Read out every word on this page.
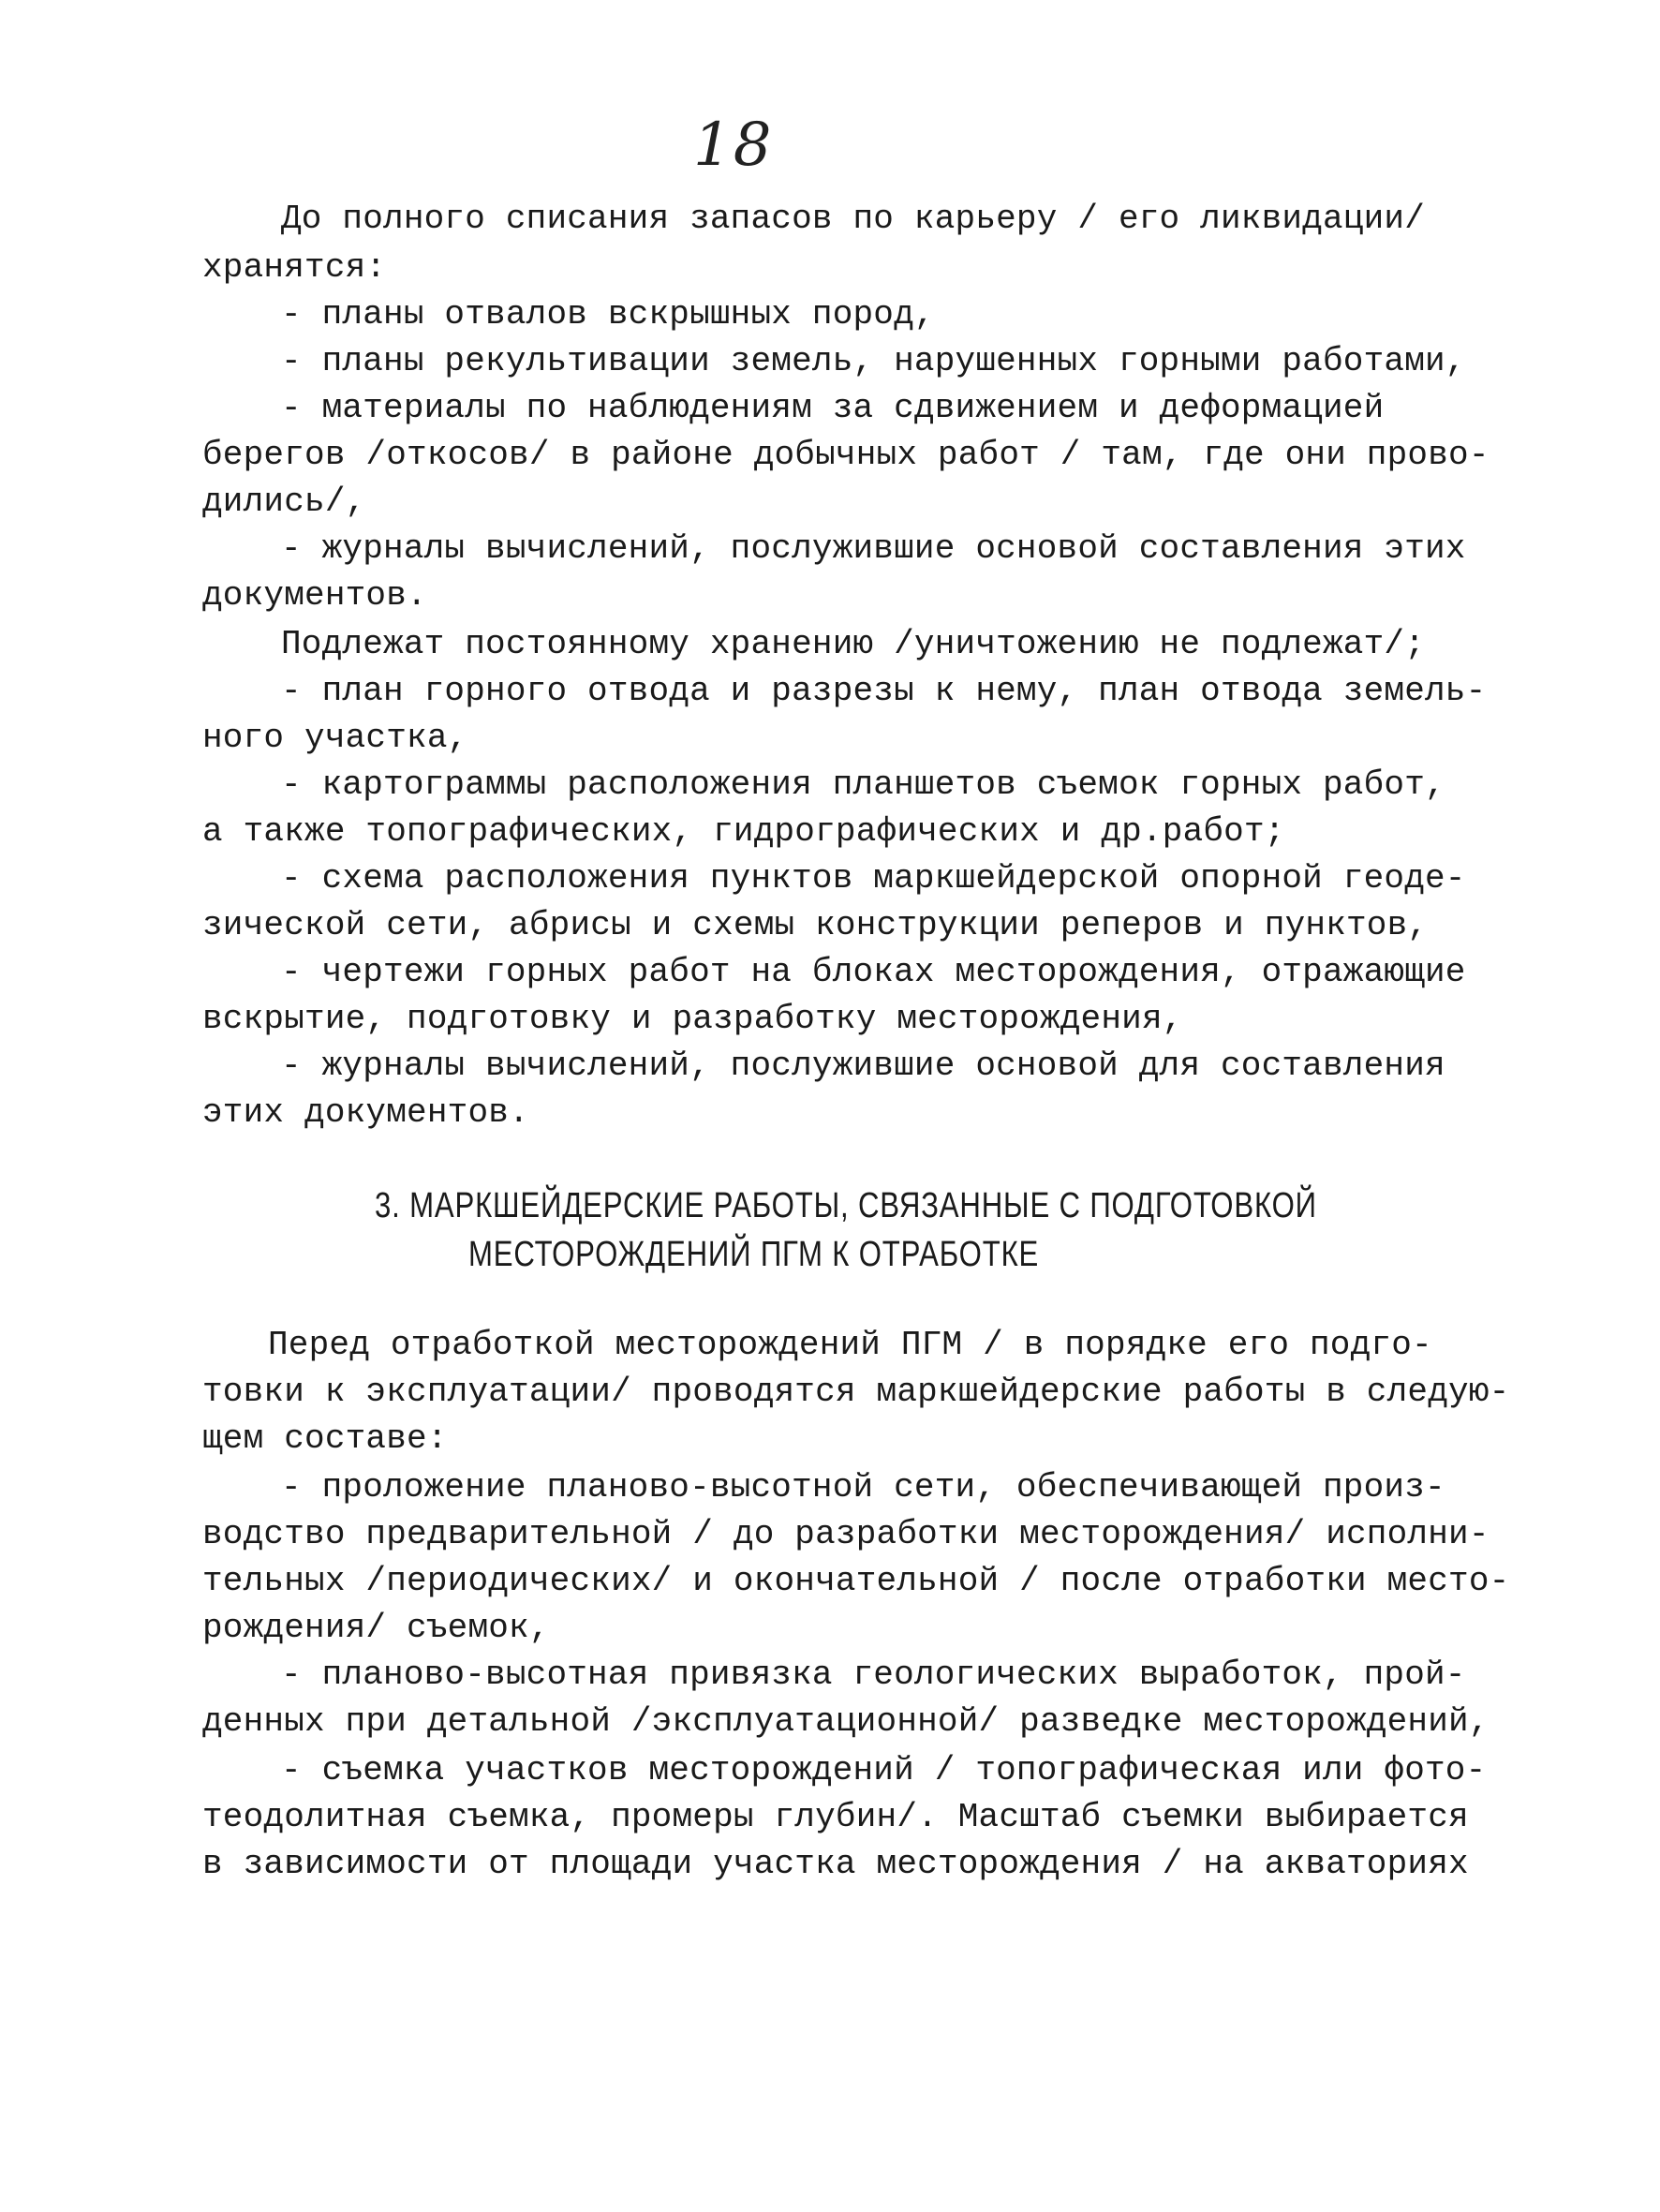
18
До полного списания запасов по карьеру / его ликвидации/
хранятся:
- планы отвалов вскрышных пород,
- планы рекультивации земель, нарушенных горными работами,
- материалы по наблюдениям за сдвижением и деформацией
берегов /откосов/ в районе добычных работ / там, где они прово-
дились/,
- журналы вычислений, послужившие основой составления этих
документов.
Подлежат постоянному хранению /уничтожению не подлежат/;
- план горного отвода и разрезы к нему, план отвода земель-
ного участка,
- картограммы расположения планшетов съемок горных работ,
а также топографических, гидрографических и др.работ;
- схема расположения пунктов маркшейдерской опорной геоде-
зической сети, абрисы и схемы конструкции реперов и пунктов,
- чертежи горных работ на блоках месторождения, отражающие
вскрытие, подготовку и разработку месторождения,
- журналы вычислений, послужившие основой для составления
этих документов.
3. МАРКШЕЙДЕРСКИЕ РАБОТЫ, СВЯЗАННЫЕ С ПОДГОТОВКОЙ
МЕСТОРОЖДЕНИЙ ПГМ К ОТРАБОТКЕ
Перед отработкой месторождений ПГМ / в порядке его подго-
товки к эксплуатации/ проводятся маркшейдерские работы в следую-
щем составе:
- проложение планово-высотной сети, обеспечивающей произ-
водство предварительной / до разработки месторождения/ исполни-
тельных /периодических/ и окончательной / после отработки место-
рождения/ съемок,
- планово-высотная привязка геологических выработок, прой-
денных при детальной /эксплуатационной/ разведке месторождений,
- съемка участков месторождений / топографическая или фото-
теодолитная съемка, промеры глубин/. Масштаб съемки выбирается
в зависимости от площади участка месторождения / на акваториях
